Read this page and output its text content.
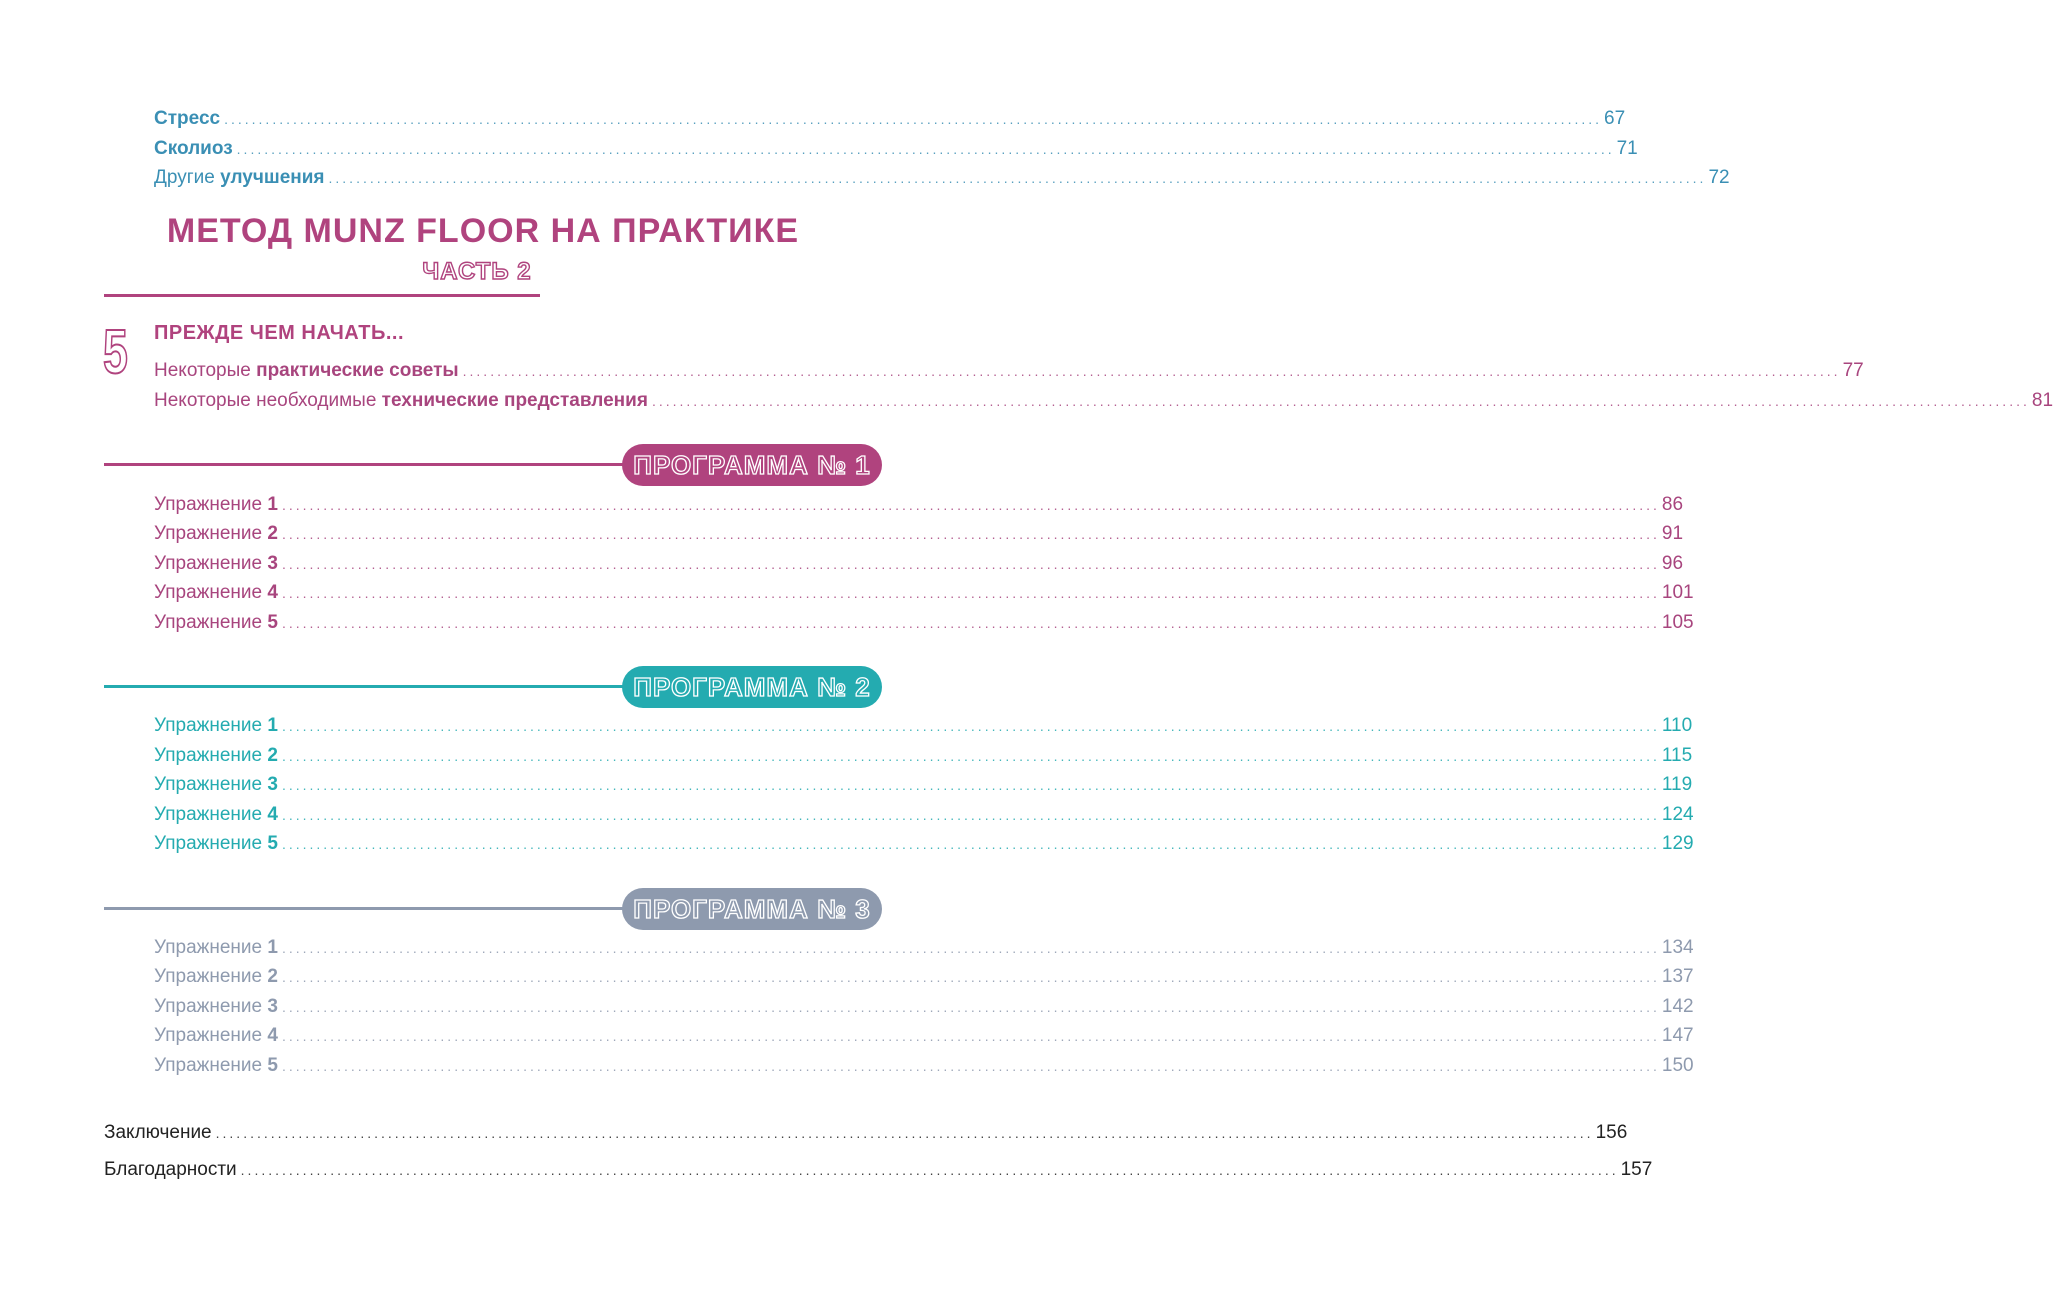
Стресс ........................................................................................................................................................................................................ 67
Сколиоз ........................................................................................................................................................................................................ 71
Другие улучшения ........................................................................................................................................................................................................ 72
МЕТОД MUNZ FLOOR НА ПРАКТИКЕ
ЧАСТЬ 2
5 ПРЕЖДЕ ЧЕМ НАЧАТЬ...
Некоторые практические советы ........................................................................................................................................................................................................ 77
Некоторые необходимые технические представления ........................................................................................................................................................................................................ 81
ПРОГРАММА № 1
Упражнение 1 ........................................................................................................................................................................................................ 86
Упражнение 2 ........................................................................................................................................................................................................ 91
Упражнение 3 ........................................................................................................................................................................................................ 96
Упражнение 4 ........................................................................................................................................................................................................ 101
Упражнение 5 ........................................................................................................................................................................................................ 105
ПРОГРАММА № 2
Упражнение 1 ........................................................................................................................................................................................................ 110
Упражнение 2 ........................................................................................................................................................................................................ 115
Упражнение 3 ........................................................................................................................................................................................................ 119
Упражнение 4 ........................................................................................................................................................................................................ 124
Упражнение 5 ........................................................................................................................................................................................................ 129
ПРОГРАММА № 3
Упражнение 1 ........................................................................................................................................................................................................ 134
Упражнение 2 ........................................................................................................................................................................................................ 137
Упражнение 3 ........................................................................................................................................................................................................ 142
Упражнение 4 ........................................................................................................................................................................................................ 147
Упражнение 5 ........................................................................................................................................................................................................ 150
Заключение ........................................................................................................................................................................................................ 156
Благодарности ........................................................................................................................................................................................................ 157
